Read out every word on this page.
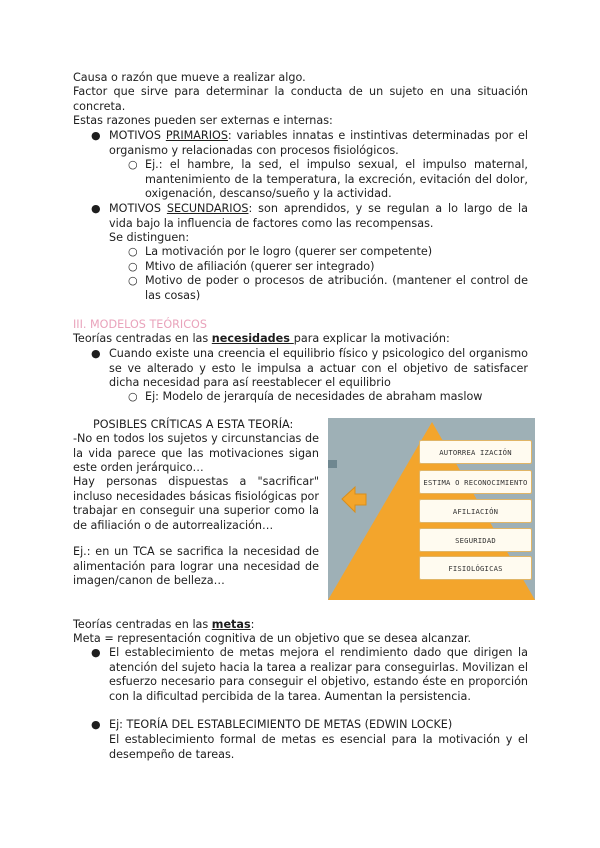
Causa o razón que mueve a realizar algo.
Factor que sirve para determinar la conducta de un sujeto en una situación concreta.
Estas razones pueden ser externas e internas:
● MOTIVOS PRIMARIOS: variables innatas e instintivas determinadas por el organismo y relacionadas con procesos fisiológicos.
○ Ej.: el hambre, la sed, el impulso sexual, el impulso maternal, mantenimiento de la temperatura, la excreción, evitación del dolor, oxigenación, descanso/sueño y la actividad.
● MOTIVOS SECUNDARIOS: son aprendidos, y se regulan a lo largo de la vida bajo la influencia de factores como las recompensas.
Se distinguen:
○ La motivación por le logro (querer ser competente)
○ Mtivo de afiliación (querer ser integrado)
○ Motivo de poder o procesos de atribución. (mantener el control de las cosas)
III. MODELOS TEÓRICOS
Teorías centradas en las necesidades para explicar la motivación:
● Cuando existe una creencia el equilibrio físico y psicologico del organismo se ve alterado y esto le impulsa a actuar con el objetivo de satisfacer dicha necesidad para así reestablecer el equilibrio
○ Ej: Modelo de jerarquía de necesidades de abraham maslow
POSIBLES CRÍTICAS A ESTA TEORÍA:
-No en todos los sujetos y circunstancias de la vida parece que las motivaciones sigan este orden jerárquico…
Hay personas dispuestas a "sacrificar" incluso necesidades básicas fisiológicas por trabajar en conseguir una superior como la de afiliación o de autorrealización…
Ej.: en un TCA se sacrifica la necesidad de alimentación para lograr una necesidad de imagen/canon de belleza…
AUTORREA IZACIÓN
ESTIMA O RECONOCIMIENTO
AFILIACIÓN
SEGURIDAD
FISIOLÓGICAS
Teorías centradas en las metas:
Meta = representación cognitiva de un objetivo que se desea alcanzar.
● El establecimiento de metas mejora el rendimiento dado que dirigen la atención del sujeto hacia la tarea a realizar para conseguirlas. Movilizan el esfuerzo necesario para conseguir el objetivo, estando éste en proporción con la dificultad percibida de la tarea. Aumentan la persistencia.
● Ej: TEORÍA DEL ESTABLECIMIENTO DE METAS (EDWIN LOCKE)
El establecimiento formal de metas es esencial para la motivación y el desempeño de tareas.
